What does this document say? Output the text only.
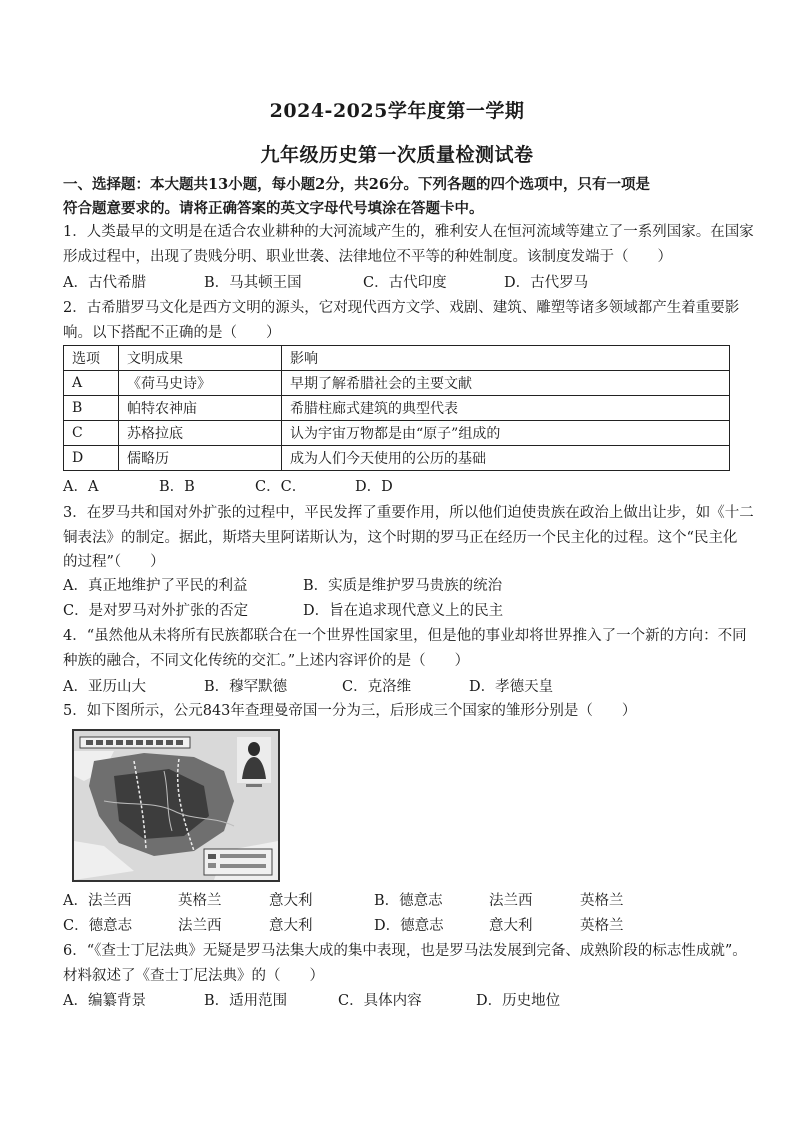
2024-2025学年度第一学期
九年级历史第一次质量检测试卷
一、选择题：本大题共13小题，每小题2分，共26分。下列各题的四个选项中，只有一项是
符合题意要求的。请将正确答案的英文字母代号填涂在答题卡中。
1．人类最早的文明是在适合农业耕种的大河流域产生的，雅利安人在恒河流域等建立了一系列国家。在国家
形成过程中，出现了贵贱分明、职业世袭、法律地位不平等的种姓制度。该制度发端于（　　）
A．古代希腊	B．马其顿王国	C．古代印度	D．古代罗马
2．古希腊罗马文化是西方文明的源头，它对现代西方文学、戏剧、建筑、雕塑等诸多领域都产生着重要影
响。以下搭配不正确的是（　　）
选项	文明成果	影响
A	《荷马史诗》	早期了解希腊社会的主要文献
B	帕特农神庙	希腊柱廊式建筑的典型代表
C	苏格拉底	认为宇宙万物都是由“原子”组成的
D	儒略历	成为人们今天使用的公历的基础
A．A	B．B	C．C．	D．D
3．在罗马共和国对外扩张的过程中，平民发挥了重要作用，所以他们迫使贵族在政治上做出让步，如《十二
铜表法》的制定。据此，斯塔夫里阿诺斯认为，这个时期的罗马正在经历一个民主化的过程。这个“民主化
的过程”（　　）
A．真正地维护了平民的利益	B．实质是维护罗马贵族的统治
C．是对罗马对外扩张的否定	D．旨在追求现代意义上的民主
4．“虽然他从未将所有民族都联合在一个世界性国家里，但是他的事业却将世界推入了一个新的方向：不同
种族的融合，不同文化传统的交汇。”上述内容评价的是（　　）
A．亚历山大	B．穆罕默德	C．克洛维	D．孝德天皇
5．如下图所示，公元843年查理曼帝国一分为三，后形成三个国家的雏形分别是（　　）
A．法兰西	英格兰	意大利	B．德意志	法兰西	英格兰
C．德意志	法兰西	意大利	D．德意志	意大利	英格兰
6．“《查士丁尼法典》无疑是罗马法集大成的集中表现，也是罗马法发展到完备、成熟阶段的标志性成就”。
材料叙述了《查士丁尼法典》的（　　）
A．编纂背景	B．适用范围	C．具体内容	D．历史地位
